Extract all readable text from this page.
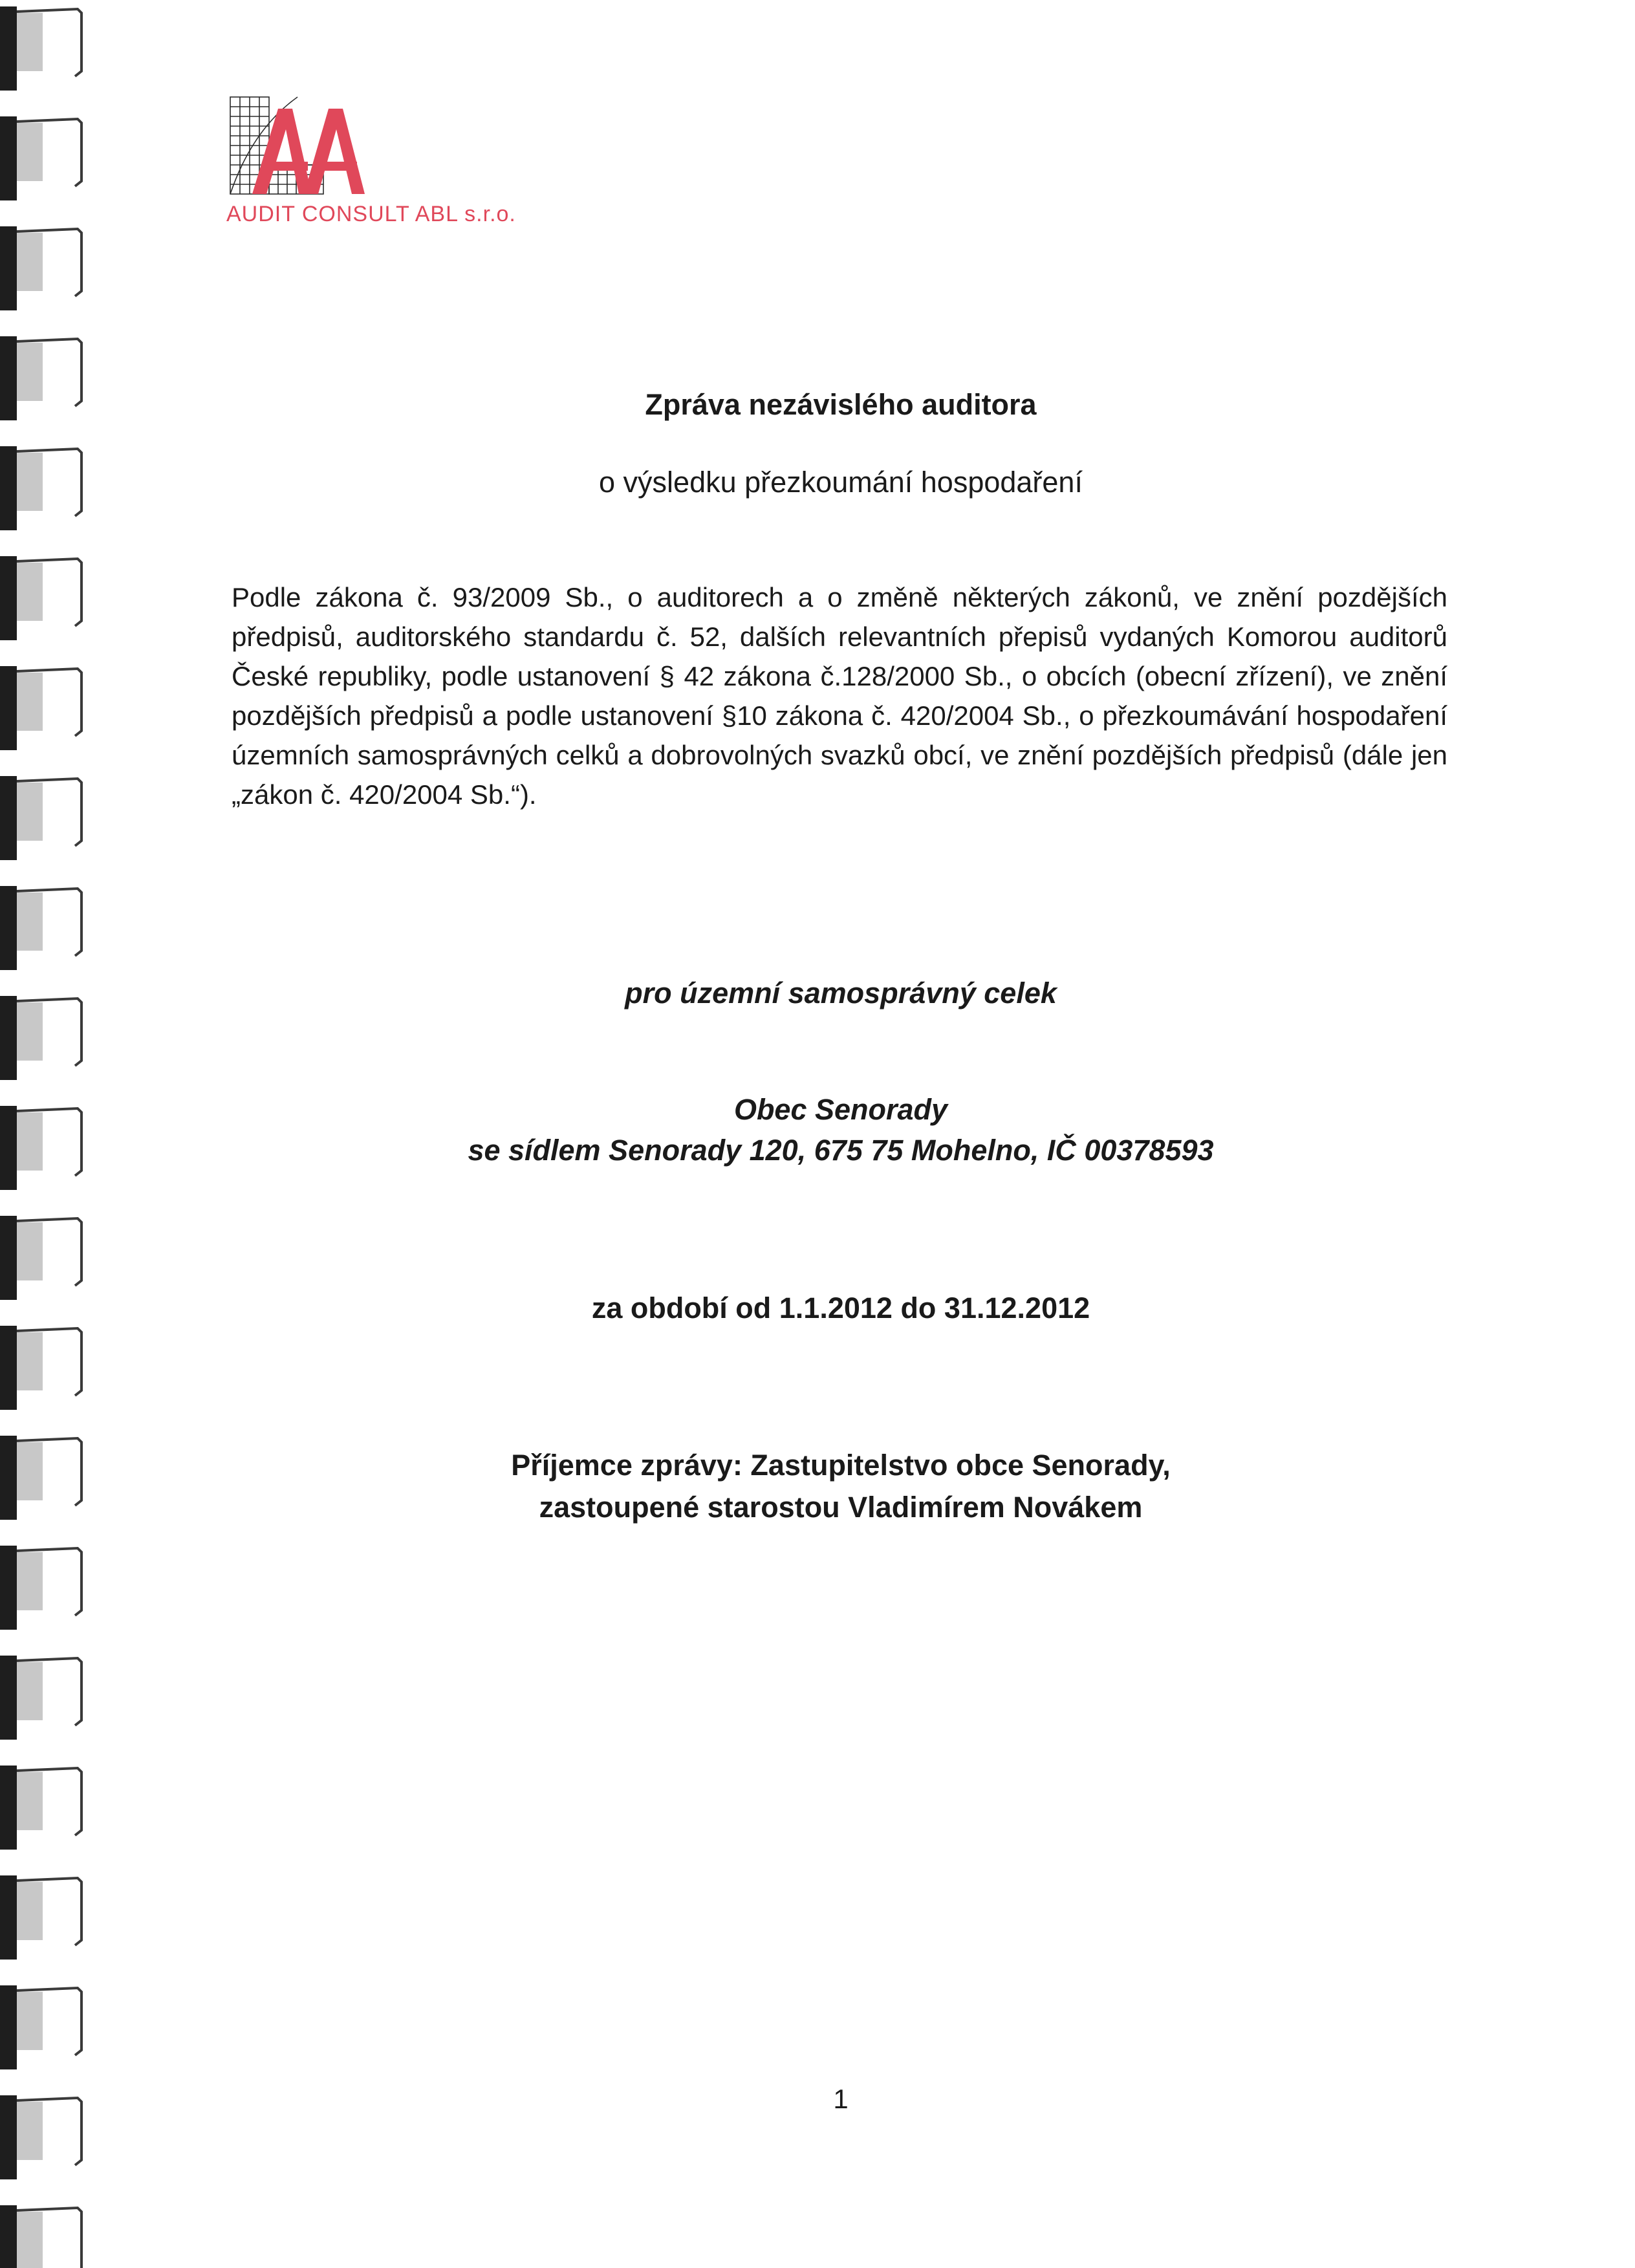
AUDIT CONSULT ABL s.r.o.
Zpráva nezávislého auditora
o výsledku přezkoumání hospodaření
Podle zákona č. 93/2009 Sb., o auditorech a o změně některých zákonů, ve znění pozdějších předpisů, auditorského standardu č. 52, dalších relevantních přepisů vydaných Komorou auditorů České republiky, podle ustanovení § 42 zákona č.128/2000 Sb., o obcích (obecní zřízení), ve znění pozdějších předpisů a podle ustanovení §10 zákona č. 420/2004 Sb., o přezkoumávání hospodaření územních samosprávných celků a dobrovolných svazků obcí, ve znění pozdějších předpisů (dále jen „zákon č. 420/2004 Sb.“).
pro územní samosprávný celek
Obec Senorady
se sídlem Senorady 120, 675 75 Mohelno, IČ 00378593
za období od 1.1.2012 do 31.12.2012
Příjemce zprávy: Zastupitelstvo obce Senorady,
zastoupené starostou Vladimírem Novákem
1
